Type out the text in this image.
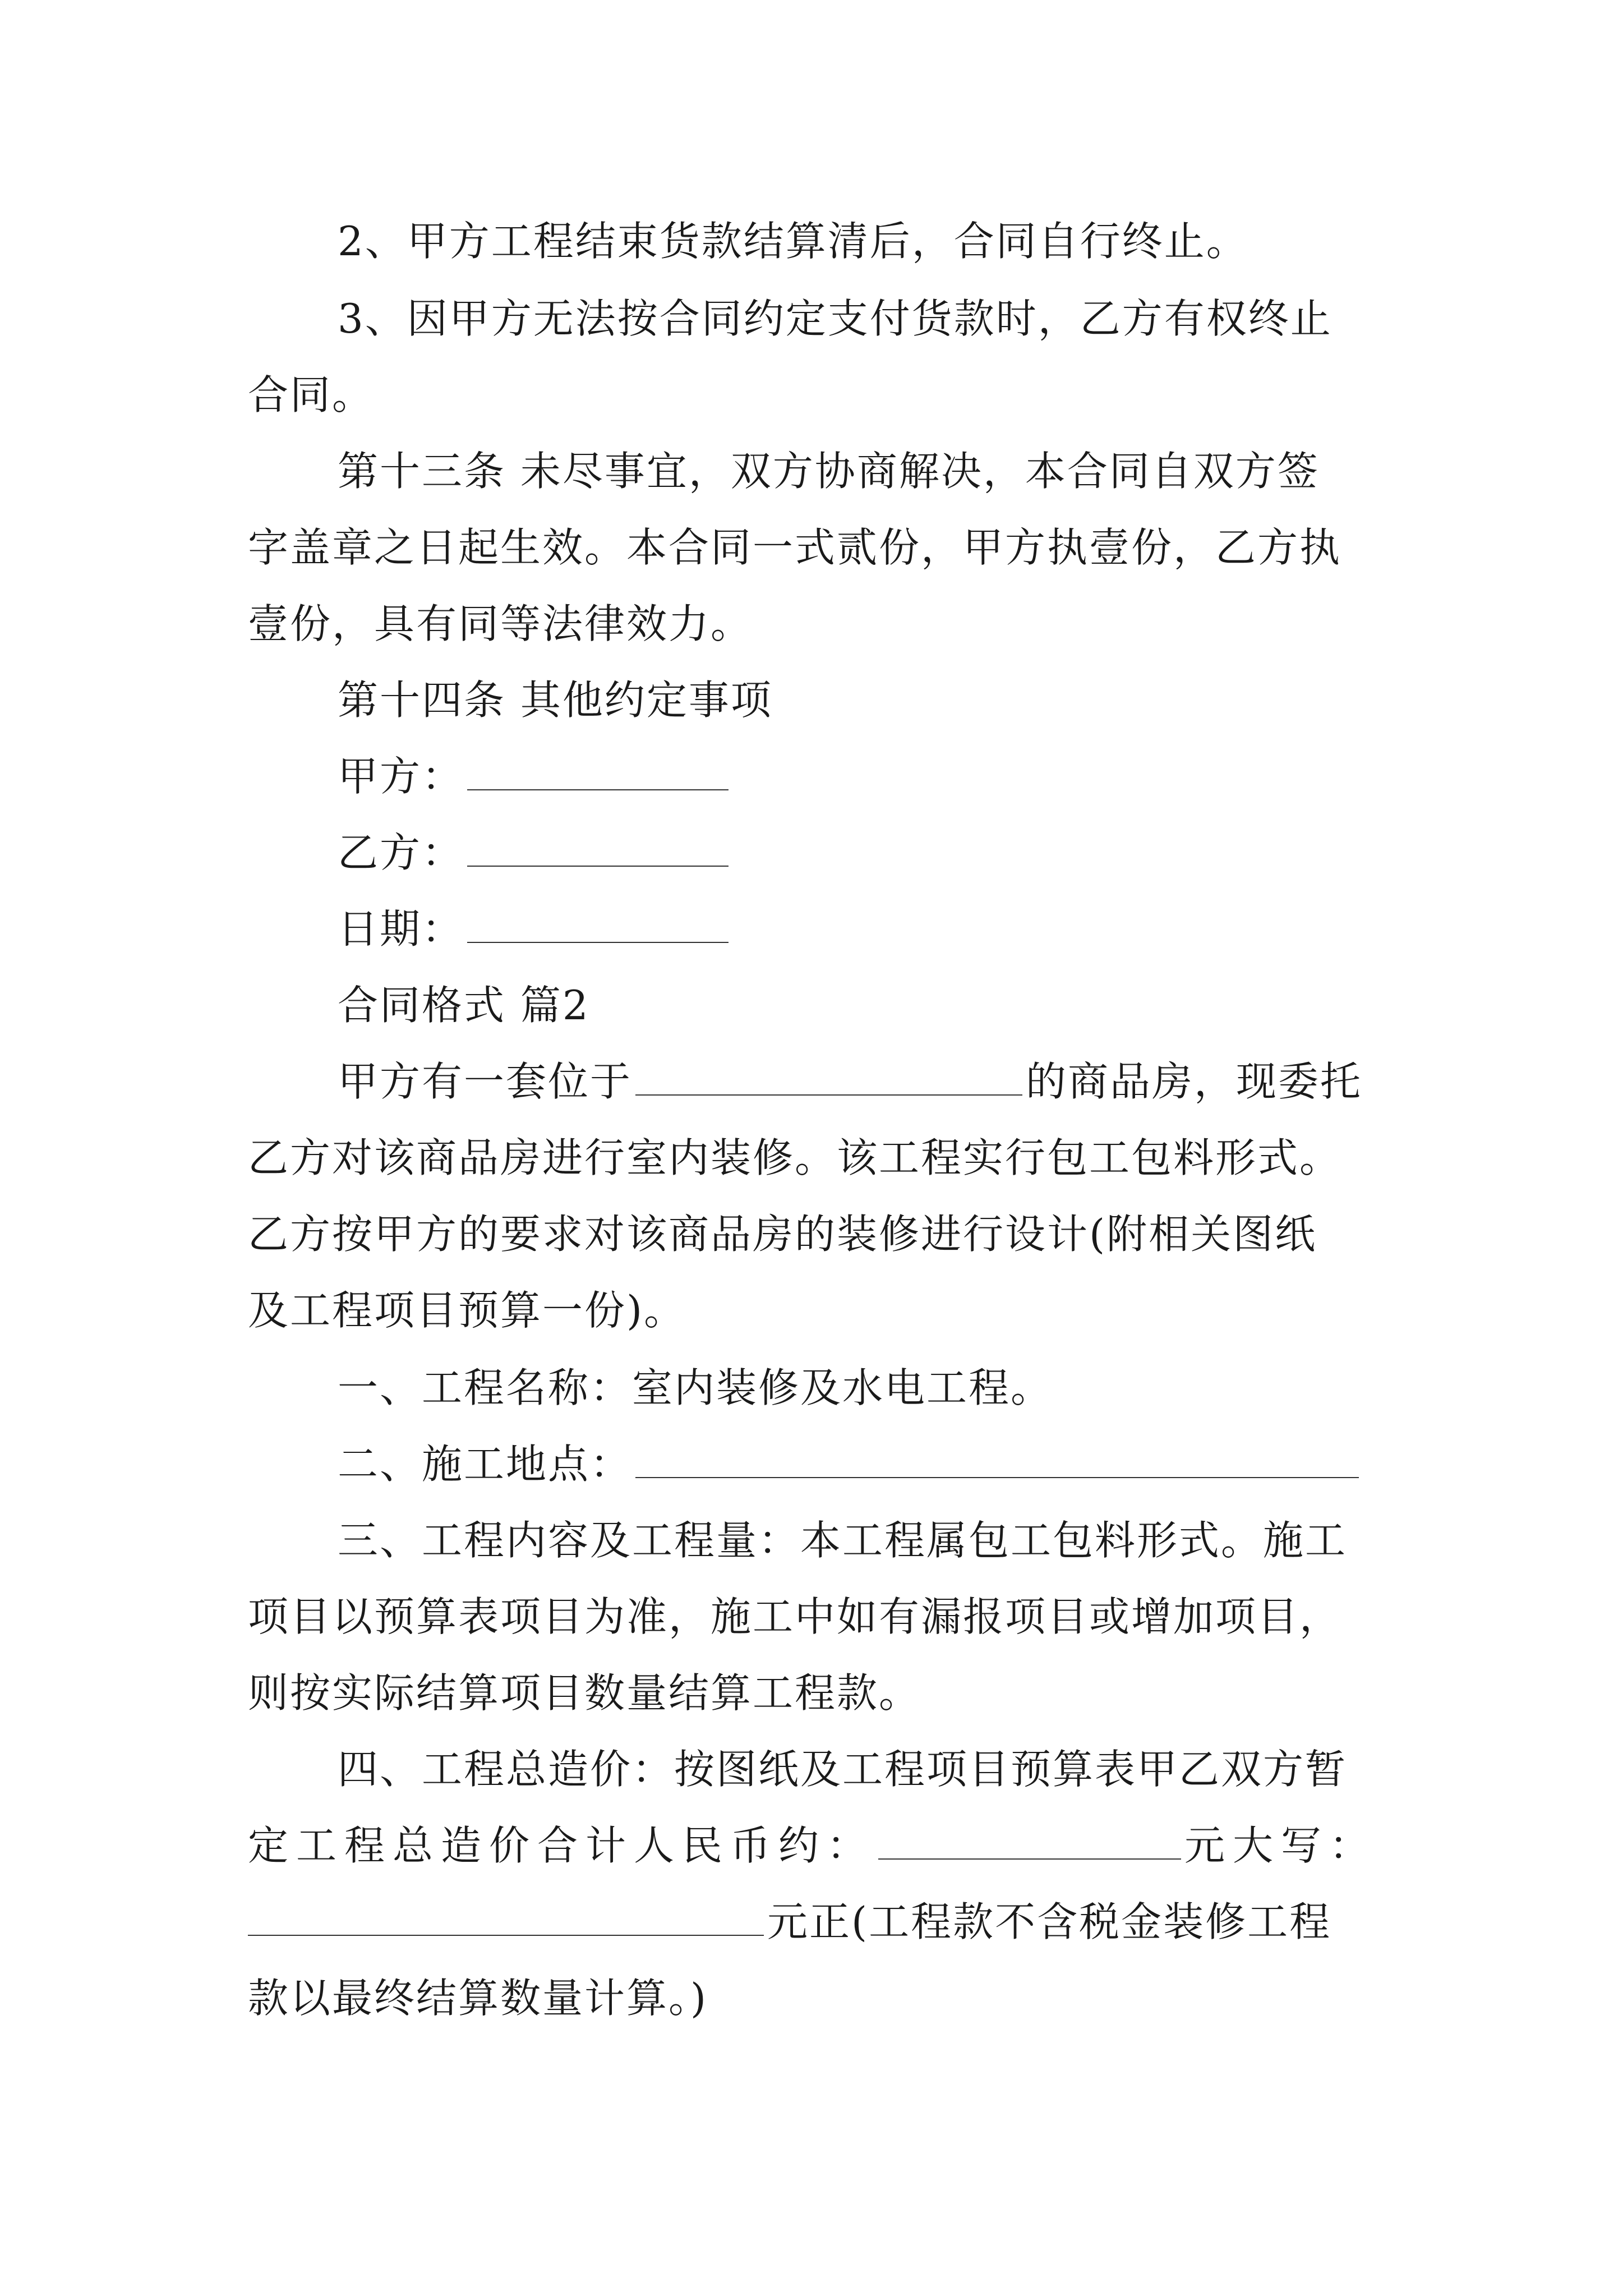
2、甲方工程结束货款结算清后，合同自行终止。
3、因甲方无法按合同约定支付货款时，乙方有权终止
合同。
第十三条 未尽事宜，双方协商解决，本合同自双方签
字盖章之日起生效。本合同一式贰份，甲方执壹份，乙方执
壹份，具有同等法律效力。
第十四条 其他约定事项
甲方：
乙方：
日期：
合同格式 篇2
甲方有一套位于	的商品房，现委托
乙方对该商品房进行室内装修。该工程实行包工包料形式。
乙方按甲方的要求对该商品房的装修进行设计(附相关图纸
及工程项目预算一份)。
一、工程名称：室内装修及水电工程。
二、施工地点：
三、工程内容及工程量：本工程属包工包料形式。施工
项目以预算表项目为准，施工中如有漏报项目或增加项目，
则按实际结算项目数量结算工程款。
四、工程总造价：按图纸及工程项目预算表甲乙双方暂
定工程总造价合计人民币约：	元大写：
元正(工程款不含税金装修工程
款以最终结算数量计算。)
